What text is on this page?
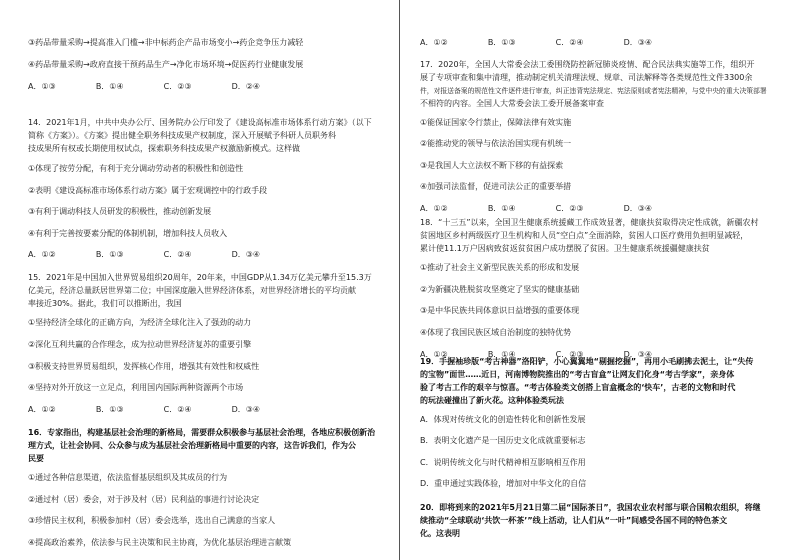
③药品带量采购→提高准入门槛→非中标药企产品市场变小→药企竞争压力减轻
④药品带量采购→政府直接干预药品生产→净化市场环境→促医药行业健康发展
A．①③　　　　　B．①④　　　　　C．②③　　　　　D．②④
14．2021年1月，中共中央办公厅、国务院办公厅印发了《建设高标准市场体系行动方案》（以下
简称《方案》）。《方案》提出健全职务科技成果产权制度，深入开展赋予科研人员职务科
技成果所有权或长期使用权试点，探索职务科技成果产权激励新模式。这样做
①体现了按劳分配，有利于充分调动劳动者的积极性和创造性
②表明《建设高标准市场体系行动方案》属于宏观调控中的行政手段
③有利于调动科技人员研发的积极性，推动创新发展
④有利于完善按要素分配的体制机制，增加科技人员收入
A．①②　　　　　B．①③　　　　　C．②④　　　　　D．③④
15．2021年是中国加入世界贸易组织20周年，20年来，中国GDP从1.34万亿美元攀升至15.3万
亿美元，经济总量跃居世界第二位；中国深度融入世界经济体系，对世界经济增长的平均贡献
率接近30%。据此，我们可以推断出，我国
①坚持经济全球化的正确方向，为经济全球化注入了强劲的动力
②深化互利共赢的合作理念，成为拉动世界经济复苏的重要引擎
③积极支持世界贸易组织，发挥核心作用，增强其有效性和权威性
④坚持对外开放这一立足点，利用国内国际两种资源两个市场
A．①②　　　　　B．①③　　　　　C．②④　　　　　D．③④
16．专家指出，构建基层社会治理的新格局，需要群众积极参与基层社会治理，各地应积极创新治
理方式，让社会协同、公众参与成为基层社会治理新格局中重要的内容，这告诉我们，作为公
民要
①通过各种信息渠道，依法监督基层组织及其成员的行为
②通过村（居）委会，对于涉及村（居）民利益的事进行讨论决定
③珍惜民主权利，积极参加村（居）委会选举，选出自己满意的当家人
④提高政治素养，依法参与民主决策和民主协商，为优化基层治理进言献策
A．①②　　　　　B．①③　　　　　C．②④　　　　　D．③④
17．2020年，全国人大常委会法工委围绕防控新冠肺炎疫情、配合民法典实施等工作，组织开
展了专项审查和集中清理，推动制定机关清理法规、规章、司法解释等各类规范性文件3300余
件，对报送备案的规范性文件逐件进行审查，纠正违背宪法规定、宪法原则或者宪法精神，与党中央的重大决策部署
不相符的内容。全国人大常委会法工委开展备案审查
①能保证国家令行禁止，保障法律有效实施
②能推动党的领导与依法治国实现有机统一
③是我国人大立法权不断下移的有益探索
④加强司法监督，促进司法公正的重要举措
A．①②　　　　　B．①④　　　　　C．②③　　　　　D．③④
18．“十三五”以来，全国卫生健康系统援藏工作成效显著，健康扶贫取得决定性成就，新疆农村
贫困地区乡村两级医疗卫生机构和人员“空白点”全面消除，贫困人口医疗费用负担明显减轻，
累计使11.1万户因病致贫返贫贫困户成功摆脱了贫困。卫生健康系统援疆健康扶贫
①推动了社会主义新型民族关系的形成和发展
②为新疆决胜脱贫攻坚奠定了坚实的健康基础
③是中华民族共同体意识日益增强的重要体现
④体现了我国民族区域自治制度的独特优势
A．①②　　　　　B．①④　　　　　C．②③　　　　　D．③④
19．手握袖珍版“考古神器”洛阳铲，小心翼翼地“剔掘挖掘”，再用小毛刷拂去泥土，让“失传
的宝物”面世……近日，河南博物院推出的“考古盲盒”让网友们化身“考古学家”，亲身体
验了考古工作的艰辛与惊喜。“考古体验类文创搭上盲盒概念的‘快车’，古老的文物和时代
的玩法碰撞出了新火花。这种体验类玩法
A．体现对传统文化的创造性转化和创新性发展
B．表明文化遗产是一国历史文化成就重要标志
C．说明传统文化与时代精神相互影响相互作用
D．重申通过实践体验，增加对中华文化的自信
20．即将到来的2021年5月21日第二届“国际茶日”，我国农业农村部与联合国粮农组织，将继
续推动“全球联动‘共饮一杯茶’”线上活动，让人们从“一叶”间感受各国不同的特色茶文
化。这表明
